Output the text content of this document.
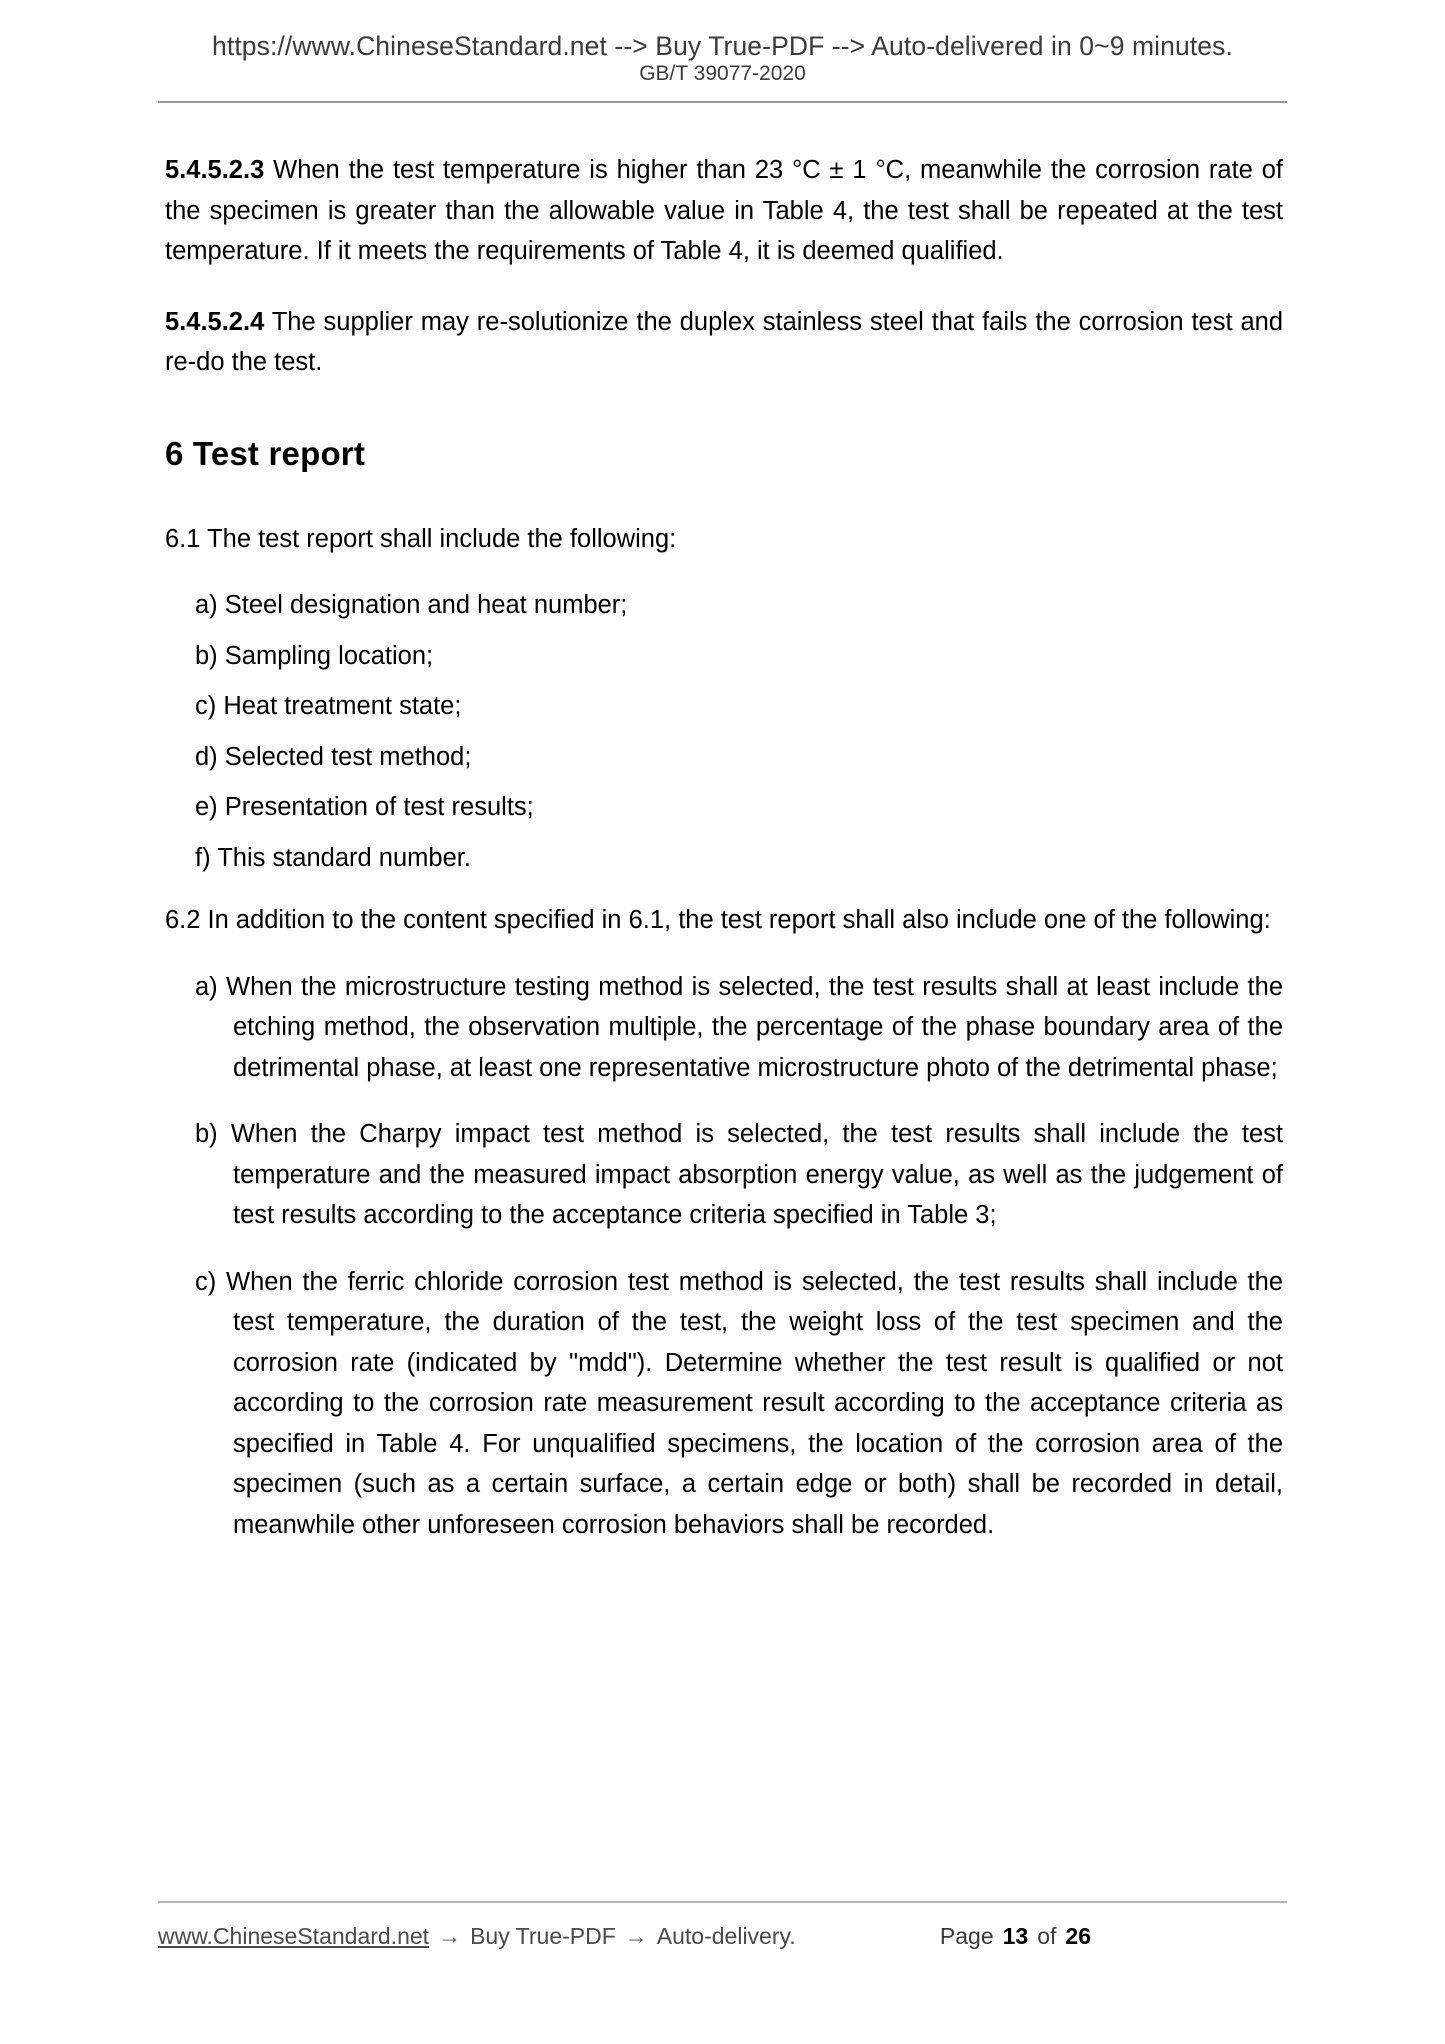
https://www.ChineseStandard.net --> Buy True-PDF --> Auto-delivered in 0~9 minutes.
GB/T 39077-2020

5.4.5.2.3 When the test temperature is higher than 23 °C ± 1 °C, meanwhile the corrosion rate of the specimen is greater than the allowable value in Table 4, the test shall be repeated at the test temperature. If it meets the requirements of Table 4, it is deemed qualified.

5.4.5.2.4 The supplier may re-solutionize the duplex stainless steel that fails the corrosion test and re-do the test.

6 Test report

6.1 The test report shall include the following:

a) Steel designation and heat number;
b) Sampling location;
c) Heat treatment state;
d) Selected test method;
e) Presentation of test results;
f) This standard number.

6.2 In addition to the content specified in 6.1, the test report shall also include one of the following:

a) When the microstructure testing method is selected, the test results shall at least include the etching method, the observation multiple, the percentage of the phase boundary area of the detrimental phase, at least one representative microstructure photo of the detrimental phase;
b) When the Charpy impact test method is selected, the test results shall include the test temperature and the measured impact absorption energy value, as well as the judgement of test results according to the acceptance criteria specified in Table 3;
c) When the ferric chloride corrosion test method is selected, the test results shall include the test temperature, the duration of the test, the weight loss of the test specimen and the corrosion rate (indicated by "mdd"). Determine whether the test result is qualified or not according to the corrosion rate measurement result according to the acceptance criteria as specified in Table 4. For unqualified specimens, the location of the corrosion area of the specimen (such as a certain surface, a certain edge or both) shall be recorded in detail, meanwhile other unforeseen corrosion behaviors shall be recorded.
www.ChineseStandard.net → Buy True-PDF → Auto-delivery.	Page 13 of 26
